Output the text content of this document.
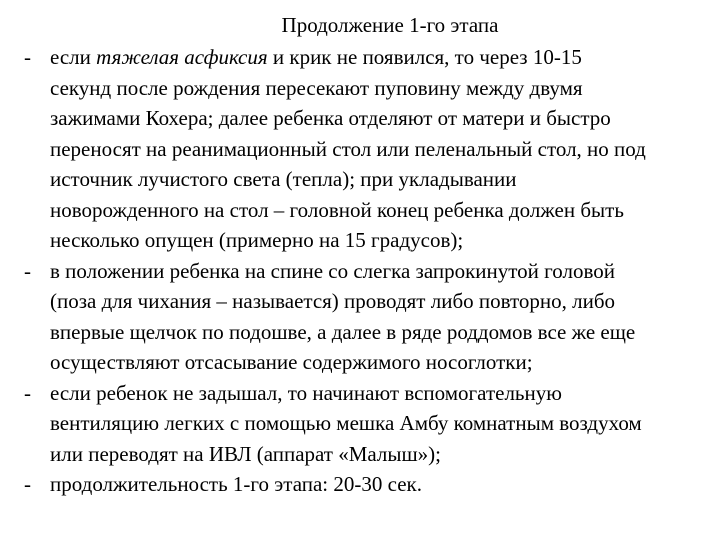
Продолжение 1-го этапа
- если тяжелая асфиксия и крик не появился, то через 10-15 секунд после рождения пересекают пуповину между двумя зажимами Кохера; далее ребенка отделяют от матери и быстро переносят на реанимационный стол или пеленальный стол, но под источник лучистого света (тепла); при укладывании новорожденного на стол – головной конец ребенка должен быть несколько опущен (примерно на 15 градусов);
- в положении ребенка на спине со слегка запрокинутой головой (поза для чихания – называется) проводят либо повторно, либо впервые щелчок по подошве, а далее в ряде роддомов все же еще осуществляют отсасывание содержимого носоглотки;
- если ребенок не задышал, то начинают вспомогательную вентиляцию легких с помощью мешка Амбу комнатным воздухом или переводят на ИВЛ (аппарат «Малыш»);
- продолжительность 1-го этапа: 20-30 сек.
